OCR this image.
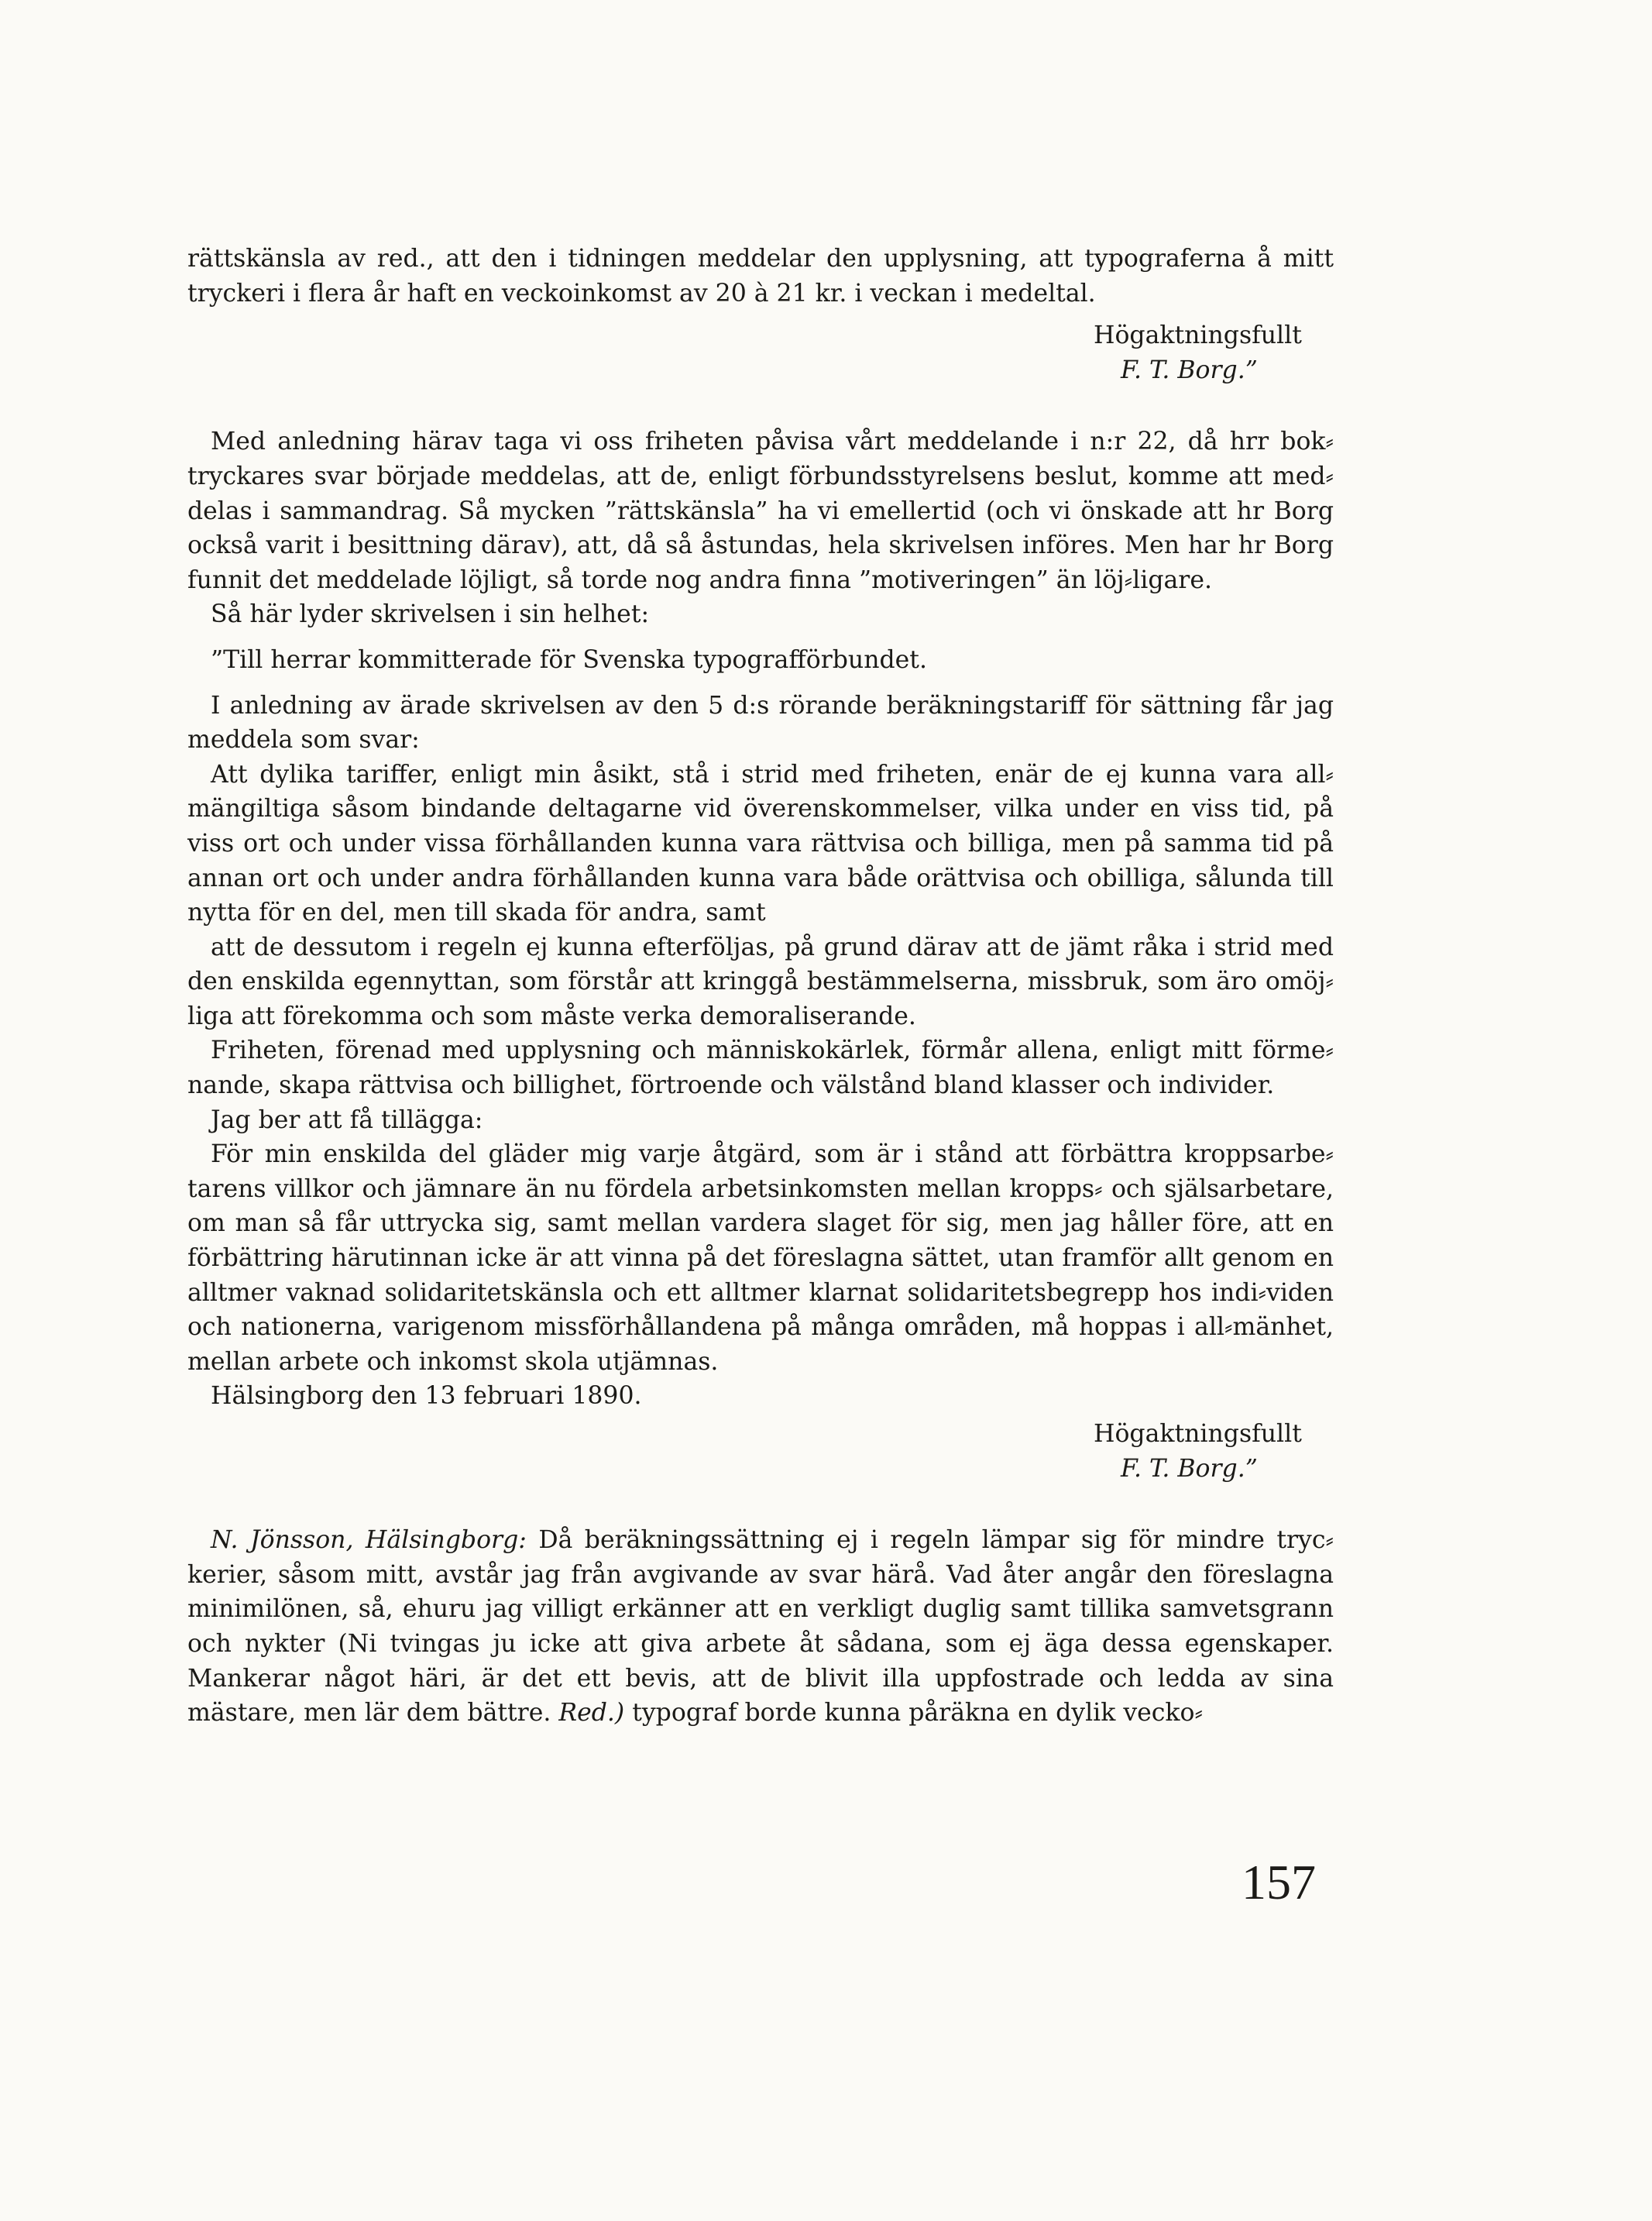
rättskänsla av red., att den i tidningen meddelar den upplysning, att typograferna å mitt tryckeri i flera år haft en veckoinkomst av 20 à 21 kr. i veckan i medeltal.

Högaktningsfullt
F. T. Borg.”

Med anledning härav taga vi oss friheten påvisa vårt meddelande i n:r 22, då hrr bok⸗tryckares svar började meddelas, att de, enligt förbundsstyrelsens beslut, komme att med⸗delas i sammandrag. Så mycken ”rättskänsla” ha vi emellertid (och vi önskade att hr Borg också varit i besittning därav), att, då så åstundas, hela skrivelsen införes. Men har hr Borg funnit det meddelade löjligt, så torde nog andra finna ”motiveringen” än löj⸗ligare.

Så här lyder skrivelsen i sin helhet:

”Till herrar kommitterade för Svenska typografförbundet.

I anledning av ärade skrivelsen av den 5 d:s rörande beräkningstariff för sättning får jag meddela som svar:

Att dylika tariffer, enligt min åsikt, stå i strid med friheten, enär de ej kunna vara all⸗mängiltiga såsom bindande deltagarne vid överenskommelser, vilka under en viss tid, på viss ort och under vissa förhållanden kunna vara rättvisa och billiga, men på samma tid på annan ort och under andra förhållanden kunna vara både orättvisa och obilliga, sålunda till nytta för en del, men till skada för andra, samt

att de dessutom i regeln ej kunna efterföljas, på grund därav att de jämt råka i strid med den enskilda egennyttan, som förstår att kringgå bestämmelserna, missbruk, som äro omöj⸗liga att förekomma och som måste verka demoraliserande.

Friheten, förenad med upplysning och människokärlek, förmår allena, enligt mitt förme⸗nande, skapa rättvisa och billighet, förtroende och välstånd bland klasser och individer.

Jag ber att få tillägga:

För min enskilda del gläder mig varje åtgärd, som är i stånd att förbättra kroppsarbe⸗tarens villkor och jämnare än nu fördela arbetsinkomsten mellan kropps⸗ och själsarbetare, om man så får uttrycka sig, samt mellan vardera slaget för sig, men jag håller före, att en förbättring härutinnan icke är att vinna på det föreslagna sättet, utan framför allt genom en alltmer vaknad solidaritetskänsla och ett alltmer klarnat solidaritetsbegrepp hos indi⸗viden och nationerna, varigenom missförhållandena på många områden, må hoppas i all⸗mänhet, mellan arbete och inkomst skola utjämnas.

Hälsingborg den 13 februari 1890.

Högaktningsfullt
F. T. Borg.”

N. Jönsson, Hälsingborg: Då beräkningssättning ej i regeln lämpar sig för mindre tryc⸗kerier, såsom mitt, avstår jag från avgivande av svar härå. Vad åter angår den föreslagna minimilönen, så, ehuru jag villigt erkänner att en verkligt duglig samt tillika samvetsgrann och nykter (Ni tvingas ju icke att giva arbete åt sådana, som ej äga dessa egenskaper. Mankerar något häri, är det ett bevis, att de blivit illa uppfostrade och ledda av sina mästare, men lär dem bättre. Red.) typograf borde kunna påräkna en dylik vecko⸗

157
